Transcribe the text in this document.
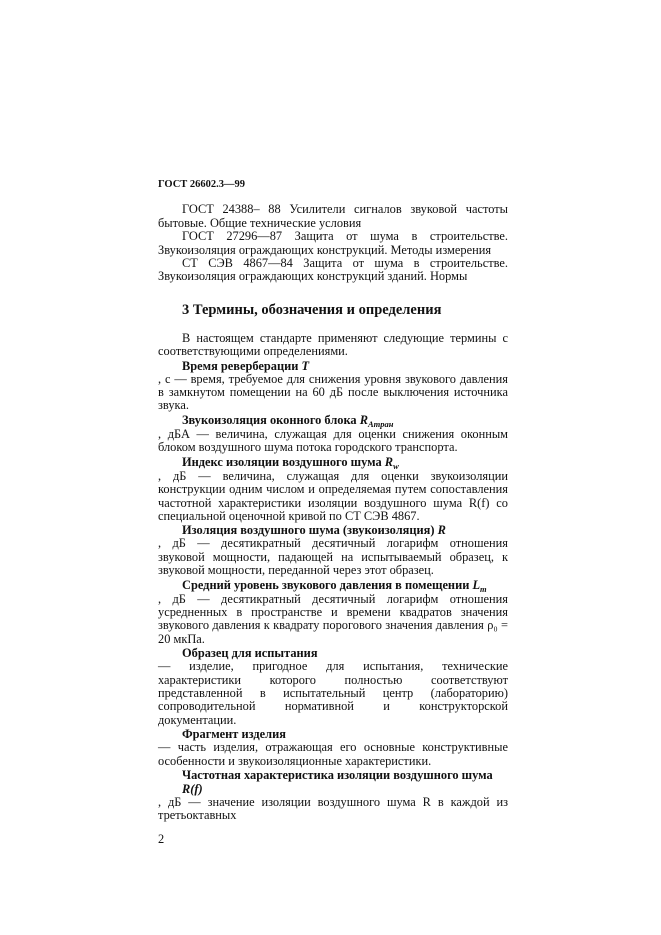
ГОСТ 26602.3—99

ГОСТ 24388– 88 Усилители сигналов звуковой частоты бытовые. Общие технические условия

ГОСТ 27296—87 Защита от шума в строительстве. Звукоизоляция ограждающих конструкций. Методы измерения

СТ СЭВ 4867—84 Защита от шума в строительстве. Звукоизоляция ограждающих конструкций зданий. Нормы

3 Термины, обозначения и определения

В настоящем стандарте применяют следующие термины с соответствующими определениями.

Время реверберации T
, с — время, требуемое для снижения уровня звукового давления в замкнутом помещении на 60 дБ после выключения источника звука.
Звукоизоляция оконного блока $R_{Атран}$
, дБА — величина, служащая для оценки снижения оконным блоком воздушного шума потока городского транспорта.
Индекс изоляции воздушного шума $R_w$
, дБ — величина, служащая для оценки звукоизоляции конструкции одним числом и определяемая путем сопоставления частотной характеристики изоляции воздушного шума R(f) со специальной оценочной кривой по СТ СЭВ 4867.
Изоляция воздушного шума (звукоизоляция) R
, дБ — десятикратный десятичный логарифм отношения звуковой мощности, падающей на испытываемый образец, к звуковой мощности, переданной через этот образец.
Средний уровень звукового давления в помещении $L_m$
, дБ — десятикратный десятичный логарифм отношения усредненных в пространстве и времени квадратов значения звукового давления к квадрату порогового значения давления ρ₀ = 20 мкПа.
Образец для испытания
— изделие, пригодное для испытания, технические характеристики которого полностью соответствуют представленной в испытательный центр (лабораторию) сопроводительной нормативной и конструкторской документации.
Фрагмент изделия
— часть изделия, отражающая его основные конструктивные особенности и звукоизоляционные характеристики.
Частотная характеристика изоляции воздушного шума R(f)
, дБ — значение изоляции воздушного шума R в каждой из третьоктавных
2
